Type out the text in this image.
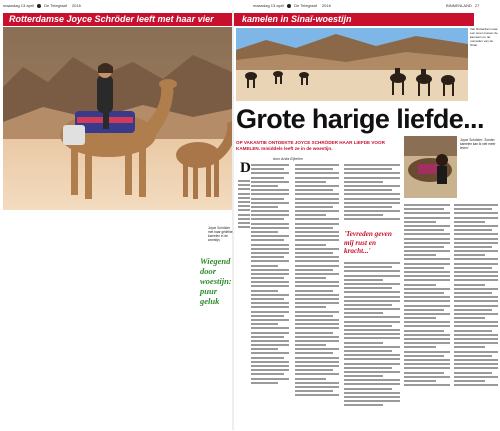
maandag 13 april	De Telegraaf 2016	maandag 13 april	De Telegraaf 2016	BINNENLAND 27
Rotterdamse Joyce Schröder leeft met haar vier	kamelen in Sinaï-woestijn
Joyce Schröder met haar geliefde kamelen in de woestijn.
Wiegend door woestijn: puur geluk
Van Rotterdam naar een leven tussen de kamelen en de nomaden van de Sinaï.
Grote harige liefde...
OP VAKANTIE ONTDEKTE JOYCE SCHRÖDER HAAR LIEFDE VOOR KAMELEN. Inmiddels leeft ze in de woestijn.
door Anita Eijkelen
Joyce Schröder: 'Zonder kamelen kan ik niet meer leven.'
D
'Tevreden geven mij rust en kracht...'
